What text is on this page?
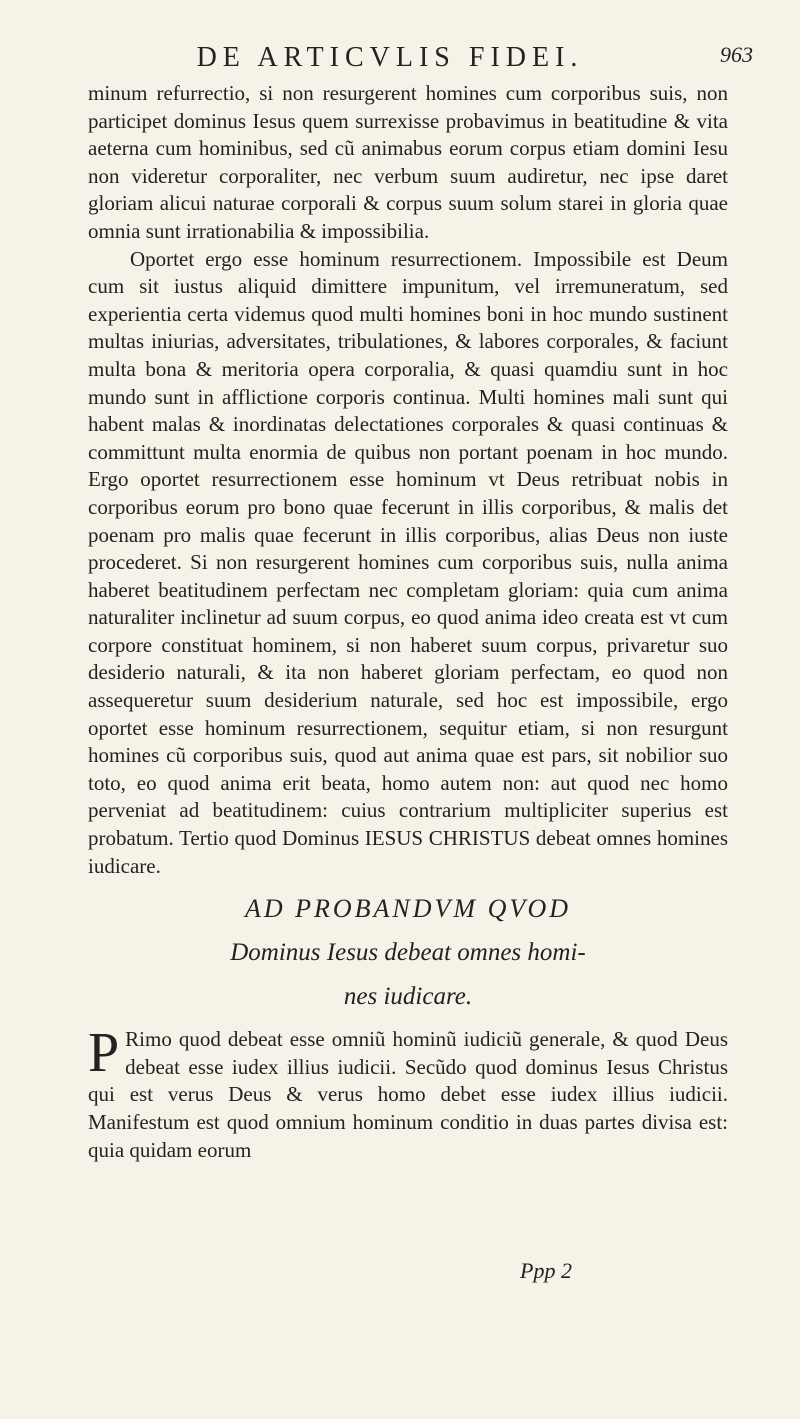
DE ARTICVLIS FIDEI.	963

minum refurrectio, si non resurgerent homines cum corporibus suis, non participet dominus Iesus quem surrexisse probavimus in beatitudine & vita aeterna cum hominibus, sed cũ animabus eorum corpus etiam domini Iesu non videretur corporaliter, nec verbum suum audiretur, nec ipse daret gloriam alicui naturae corporali & corpus suum solum starei in gloria quae omnia sunt irrationabilia & impossibilia.

Oportet ergo esse hominum resurrectionem. Impossibile est Deum cum sit iustus aliquid dimittere impunitum, vel irremuneratum, sed experientia certa videmus quod multi homines boni in hoc mundo sustinent multas iniurias, adversitates, tribulationes, & labores corporales, & faciunt multa bona & meritoria opera corporalia, & quasi quamdiu sunt in hoc mundo sunt in afflictione corporis continua. Multi homines mali sunt qui habent malas & inordinatas delectationes corporales & quasi continuas & committunt multa enormia de quibus non portant poenam in hoc mundo. Ergo oportet resurrectionem esse hominum vt Deus retribuat nobis in corporibus eorum pro bono quae fecerunt in illis corporibus, & malis det poenam pro malis quae fecerunt in illis corporibus, alias Deus non iuste procederet. Si non resurgerent homines cum corporibus suis, nulla anima haberet beatitudinem perfectam nec completam gloriam: quia cum anima naturaliter inclinetur ad suum corpus, eo quod anima ideo creata est vt cum corpore constituat hominem, si non haberet suum corpus, privaretur suo desiderio naturali, & ita non haberet gloriam perfectam, eo quod non assequeretur suum desiderium naturale, sed hoc est impossibile, ergo oportet esse hominum resurrectionem, sequitur etiam, si non resurgunt homines cũ corporibus suis, quod aut anima quae est pars, sit nobilior suo toto, eo quod anima erit beata, homo autem non: aut quod nec homo perveniat ad beatitudinem: cuius contrarium multipliciter superius est probatum. Tertio quod Dominus IESUS CHRISTUS debeat omnes homines iudicare.

AD PROBANDVM QVOD
Dominus Iesus debeat omnes homi-
nes iudicare.

P Rimo quod debeat esse omniũ hominũ iudiciũ generale, & quod Deus debeat esse iudex illius iudicii. Secũdo quod dominus Iesus Christus qui est verus Deus & verus homo debet esse iudex illius iudicii. Manifestum est quod omnium hominum conditio in duas partes divisa est: quia quidam eorum

Ppp 2
